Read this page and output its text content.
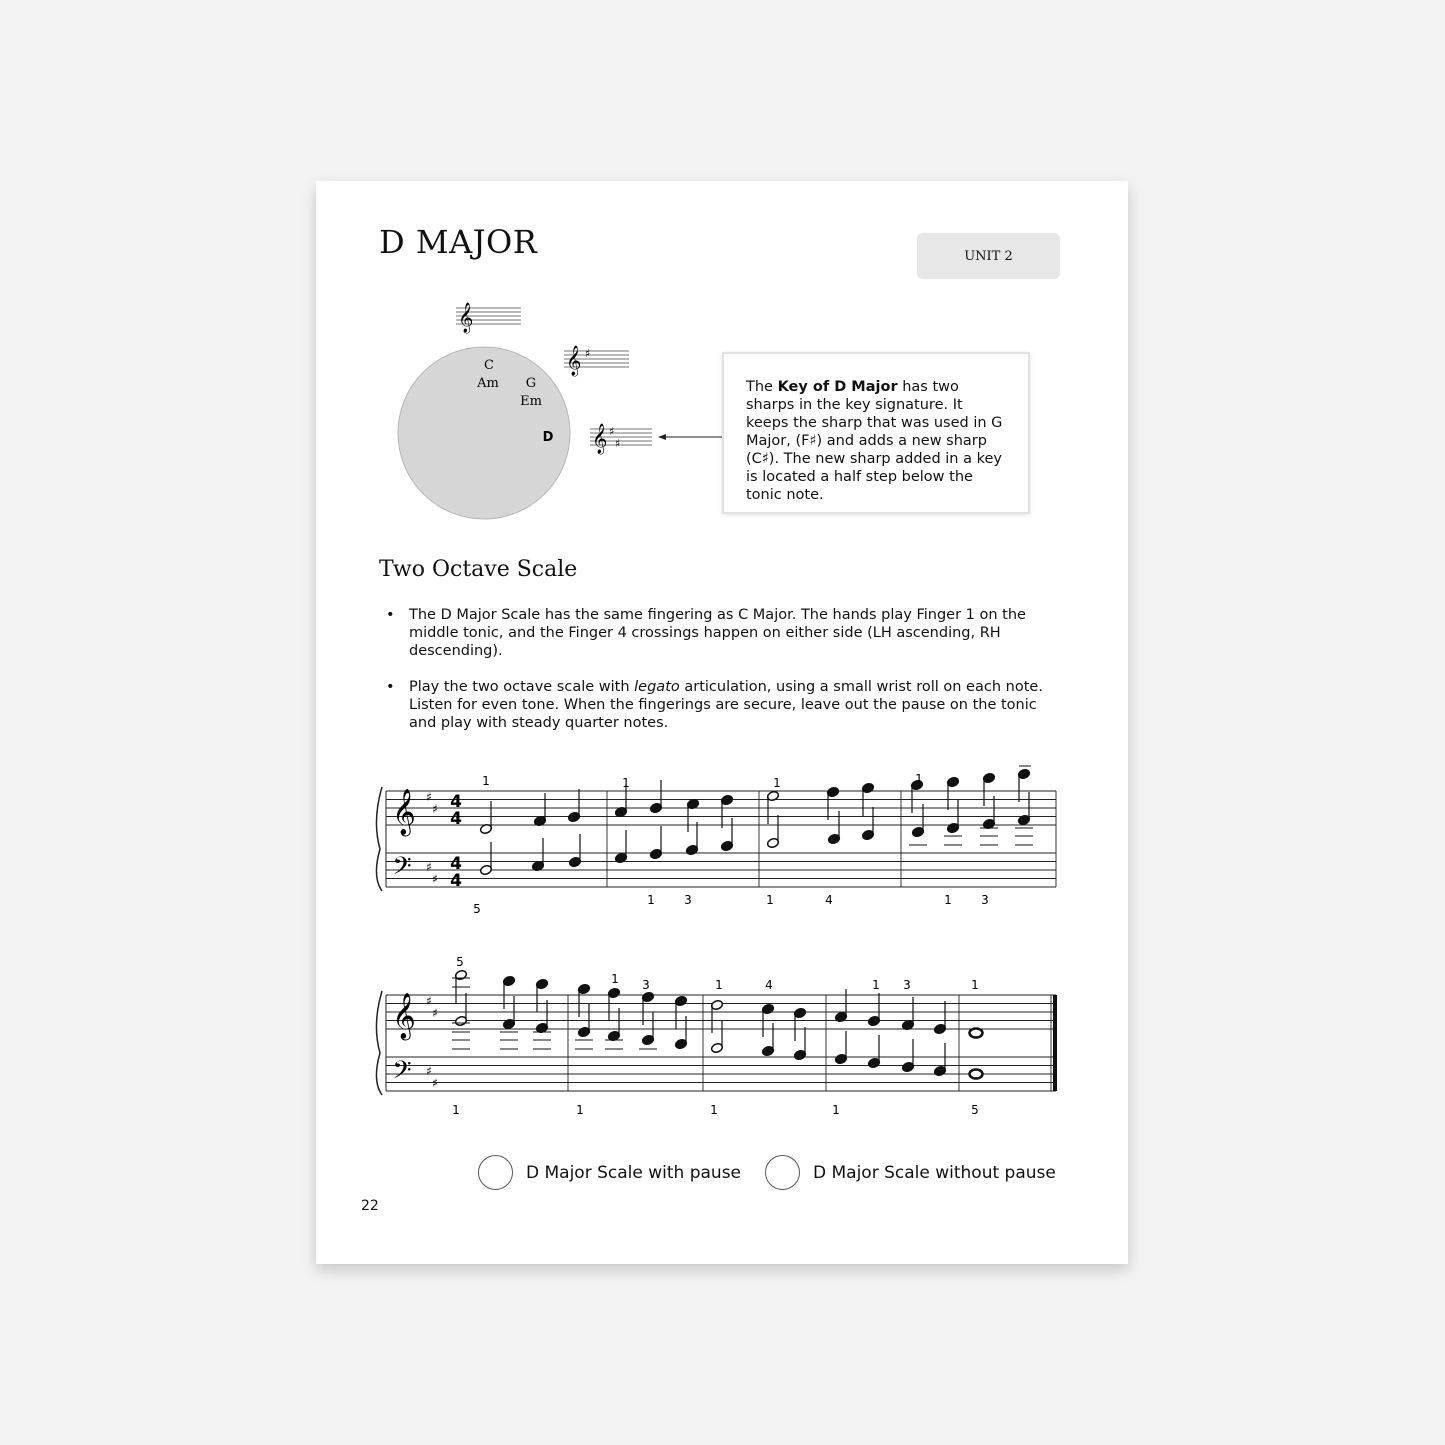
D MAJOR	UNIT 2
C
Am G
Em
D
𝄞
𝄞 ♯
𝄞 ♯
♯
The Key of D Major has two sharps in the key signature. It keeps the sharp that was used in G Major, (F♯) and adds a new sharp (C♯). The new sharp added in a key is located a half step below the tonic note.
Two Octave Scale
• The D Major Scale has the same fingering as C Major. The hands play Finger 1 on the middle tonic, and the Finger 4 crossings happen on either side (LH ascending, RH descending).
• Play the two octave scale with legato articulation, using a small wrist roll on each note. Listen for even tone. When the fingerings are secure, leave out the pause on the tonic and play with steady quarter notes.
𝄞
𝄢
♯
♯
♯
♯
4
4
4
4
1	1	1	1
5
1 3	1	4	1 3
𝄞
𝄢
♯
♯
♯
♯
5
1 3	1	4	1 3	1
1	1	1	1	5
D Major Scale with pause	D Major Scale without pause
22
